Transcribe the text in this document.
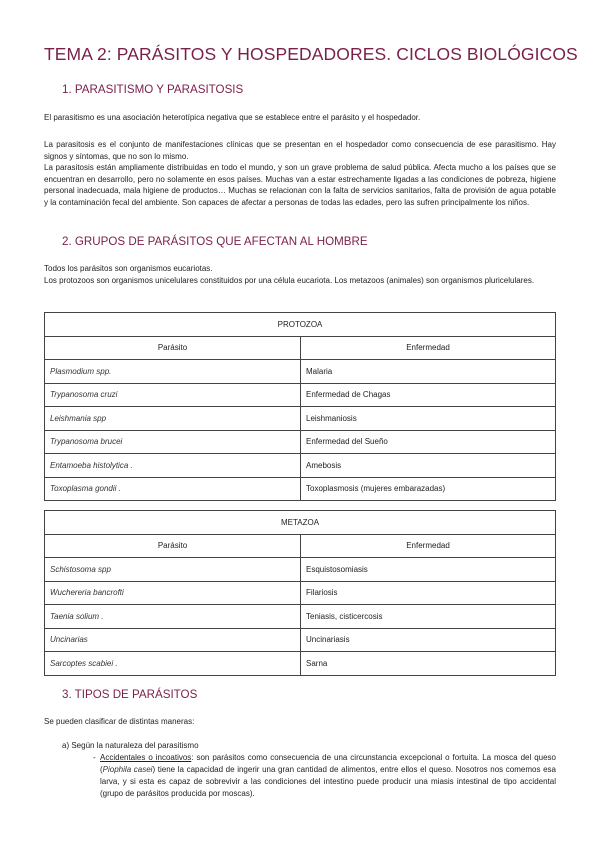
TEMA 2: PARÁSITOS Y HOSPEDADORES. CICLOS BIOLÓGICOS
1. PARASITISMO Y PARASITOSIS
El parasitismo es una asociación heterotípica negativa que se establece entre el parásito y el hospedador.
La parasitosis es el conjunto de manifestaciones clínicas que se presentan en el hospedador como consecuencia de ese parasitismo. Hay signos y síntomas, que no son lo mismo.
La parasitosis están ampliamente distribuidas en todo el mundo, y son un grave problema de salud pública. Afecta mucho a los países que se encuentran en desarrollo, pero no solamente en esos países. Muchas van a estar estrechamente ligadas a las condiciones de pobreza, higiene personal inadecuada, mala higiene de productos… Muchas se relacionan con la falta de servicios sanitarios, falta de provisión de agua potable y la contaminación fecal del ambiente. Son capaces de afectar a personas de todas las edades, pero las sufren principalmente los niños.
2. GRUPOS DE PARÁSITOS QUE AFECTAN AL HOMBRE
Todos los parásitos son organismos eucariotas.
Los protozoos son organismos unicelulares constituidos por una célula eucariota. Los metazoos (animales) son organismos pluricelulares.
PROTOZOA	
Parásito	Enfermedad
Plasmodium spp.	Malaria
Trypanosoma cruzi	Enfermedad de Chagas
Leishmania spp	Leishmaniosis
Trypanosoma brucei	Enfermedad del Sueño
Entamoeba histolytica .	Amebosis
Toxoplasma gondii .	Toxoplasmosis (mujeres embarazadas)
METAZOA	
Parásito	Enfermedad
Schistosoma spp	Esquistosomiasis
Wuchereria bancrofti	Filariosis
Taenia solium .	Teniasis, cisticercosis
Uncinarias	Uncinariasis
Sarcoptes scabiei .	Sarna
3. TIPOS DE PARÁSITOS
Se pueden clasificar de distintas maneras:
a) Según la naturaleza del parasitismo
- Accidentales o incoativos: son parásitos como consecuencia de una circunstancia excepcional o fortuita. La mosca del queso (Piophila casei) tiene la capacidad de ingerir una gran cantidad de alimentos, entre ellos el queso. Nosotros nos comemos esa larva, y si esta es capaz de sobrevivir a las condiciones del intestino puede producir una miasis intestinal de tipo accidental (grupo de parásitos producida por moscas).
